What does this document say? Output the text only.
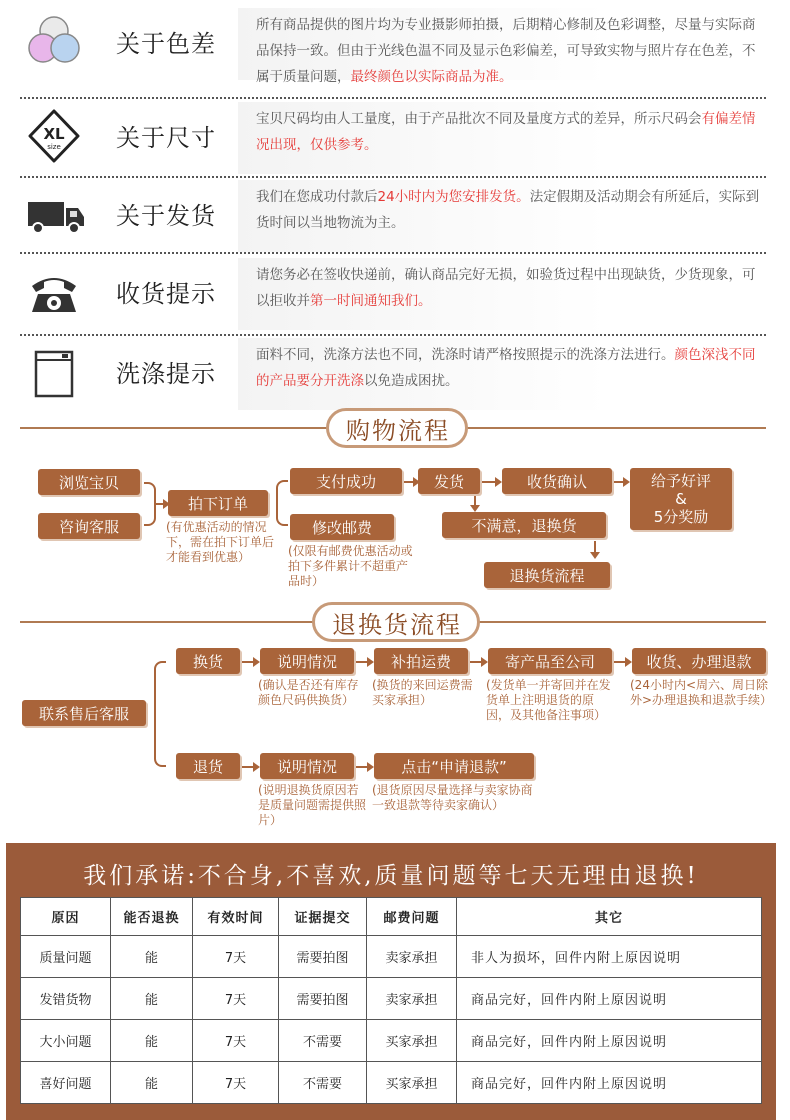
关于色差
所有商品提供的图片均为专业摄影师拍摄，后期精心修制及色彩调整，尽量与实际商品保持一致。但由于光线色温不同及显示色彩偏差，可导致实物与照片存在色差，不属于质量问题，最终颜色以实际商品为准。
XL
size 关于尺寸
宝贝尺码均由人工量度，由于产品批次不同及量度方式的差异，所示尺码会有偏差情况出现，仅供参考。
关于发货
我们在您成功付款后24小时内为您安排发货。法定假期及活动期会有所延后，实际到货时间以当地物流为主。
收货提示
请您务必在签收快递前，确认商品完好无损，如验货过程中出现缺货，少货现象，可以拒收并第一时间通知我们。
洗涤提示
面料不同，洗涤方法也不同，洗涤时请严格按照提示的洗涤方法进行。颜色深浅不同的产品要分开洗涤以免造成困扰。
购 物 流 程
浏览宝贝
咨询客服
拍下订单
(有优惠活动的情况下，需在拍下订单后才能看到优惠）
支付成功
修改邮费
(仅限有邮费优惠活动或拍下多件累计不超重产品时）
发货	收货确认	给予好评
&
5分奖励
不满意，退换货
退换货流程
退 换 货 流 程
联系售后客服
换货	说明情况
(确认是否还有库存颜色尺码供换货）
补拍运费
(换货的来回运费需买家承担）
寄产品至公司
(发货单一并寄回并在发货单上注明退货的原因，及其他备注事项）
收货、办理退款
(24小时内<周六、周日除外>办理退换和退款手续）
退货	说明情况
(说明退换货原因若是质量问题需提供照片）
点击“申请退款”
(退货原因尽量选择与卖家协商一致退款等待卖家确认）
我们承诺:不合身,不喜欢,质量问题等七天无理由退换!
原因	能否退换	有效时间	证据提交	邮费问题	其它
质量问题	能	7天	需要拍图	卖家承担	非人为损坏，回件内附上原因说明
发错货物	能	7天	需要拍图	卖家承担	商品完好，回件内附上原因说明
大小问题	能	7天	不需要	买家承担	商品完好，回件内附上原因说明
喜好问题	能	7天	不需要	买家承担	商品完好，回件内附上原因说明
